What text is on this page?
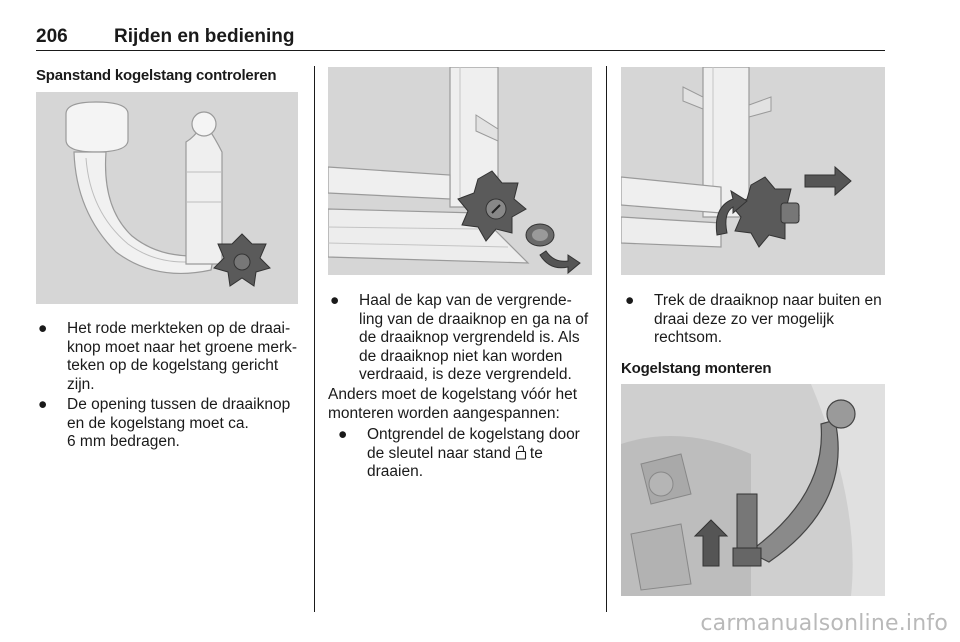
206 Rijden en bediening
Spanstand kogelstang controleren
● Het rode merkteken op de draai-
knop moet naar het groene merk-
teken op de kogelstang gericht
zijn.
● De opening tussen de draaiknop
en de kogelstang moet ca.
6 mm bedragen.
● Haal de kap van de vergrende-
ling van de draaiknop en ga na of
de draaiknop vergrendeld is. Als
de draaiknop niet kan worden
verdraaid, is deze vergrendeld.
Anders moet de kogelstang vóór het
monteren worden aangespannen:
● Ontgrendel de kogelstang door
de sleutel naar stand te
draaien.
● Trek de draaiknop naar buiten en
draai deze zo ver mogelijk
rechtsom.
Kogelstang monteren
carmanualsonline.info
